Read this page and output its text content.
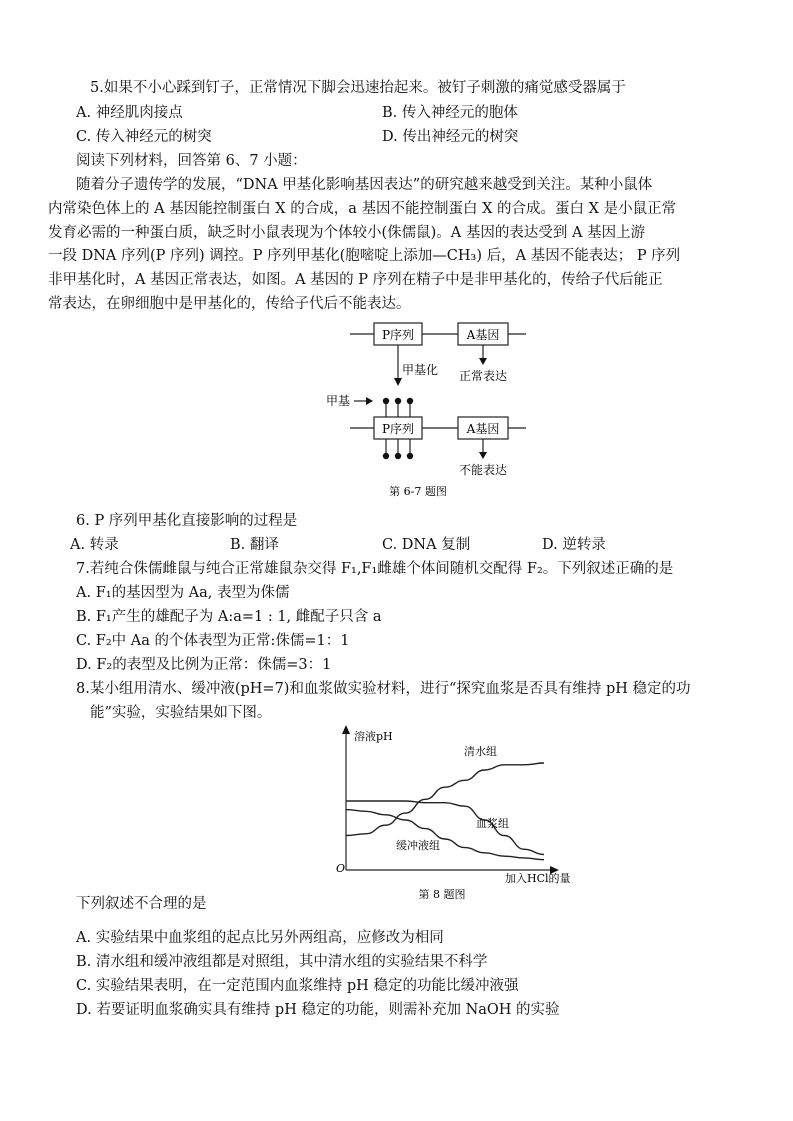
5.如果不小心踩到钉子，正常情况下脚会迅速抬起来。被钉子刺激的痛觉感受器属于
A. 神经肌肉接点	B. 传入神经元的胞体
C. 传入神经元的树突	D. 传出神经元的树突
阅读下列材料，回答第 6、7 小题：
随着分子遗传学的发展，“DNA 甲基化影响基因表达”的研究越来越受到关注。某种小鼠体
内常染色体上的 A 基因能控制蛋白 X 的合成，a 基因不能控制蛋白 X 的合成。蛋白 X 是小鼠正常
发育必需的一种蛋白质，缺乏时小鼠表现为个体较小(侏儒鼠)。A 基因的表达受到 A 基因上游
一段 DNA 序列(P 序列) 调控。P 序列甲基化(胞嘧啶上添加—CH₃) 后，A 基因不能表达； P 序列
非甲基化时，A 基因正常表达，如图。A 基因的 P 序列在精子中是非甲基化的，传给子代后能正
常表达，在卵细胞中是甲基化的，传给子代后不能表达。
P序列	A基因
正常表达
甲基化
甲基
P序列	A基因
不能表达
第 6-7 题图
6. P 序列甲基化直接影响的过程是
A. 转录	B. 翻译	C. DNA 复制	D. 逆转录
7.若纯合侏儒雌鼠与纯合正常雄鼠杂交得 F₁,F₁雌雄个体间随机交配得 F₂。下列叙述正确的是
A. F₁的基因型为 Aa, 表型为侏儒
B. F₁产生的雄配子为 A:a=1 : 1, 雌配子只含 a
C. F₂中 Aa 的个体表型为正常:侏儒=1：1
D. F₂的表型及比例为正常：侏儒=3：1
8.某小组用清水、缓冲液(pH=7)和血浆做实验材料，进行“探究血浆是否具有维持 pH 稳定的功
能”实验，实验结果如下图。
溶液pH
O
加入HCl的量
第 8 题图
清水组
血浆组
缓冲液组
下列叙述不合理的是
A. 实验结果中血浆组的起点比另外两组高，应修改为相同
B. 清水组和缓冲液组都是对照组，其中清水组的实验结果不科学
C. 实验结果表明，在一定范围内血浆维持 pH 稳定的功能比缓冲液强
D. 若要证明血浆确实具有维持 pH 稳定的功能，则需补充加 NaOH 的实验
